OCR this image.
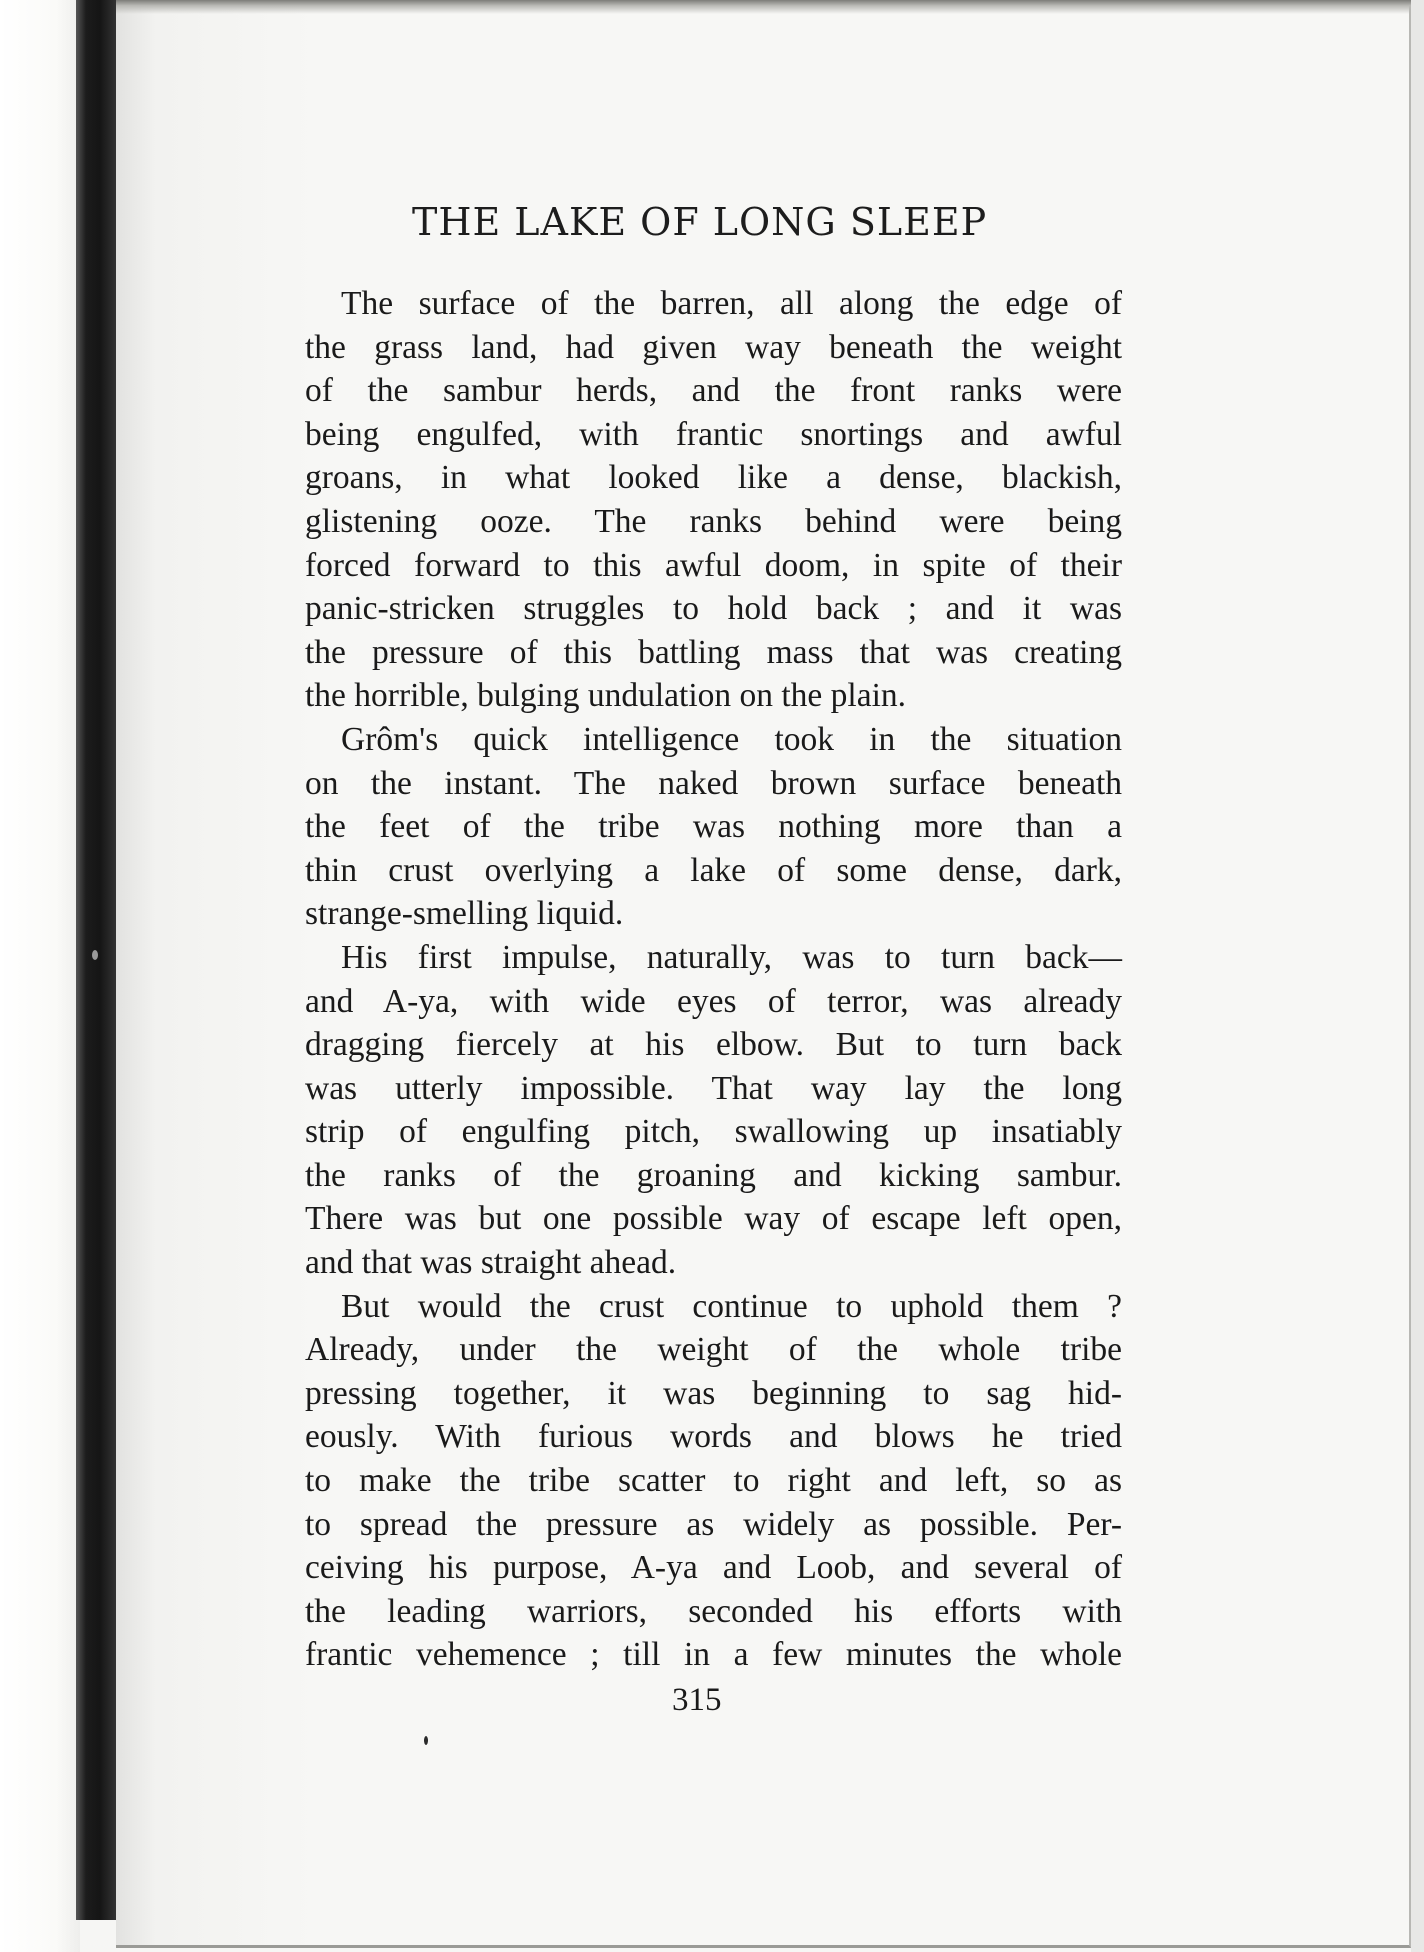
THE LAKE OF LONG SLEEP
The surface of the barren, all along the edge of
the grass land, had given way beneath the weight
of the sambur herds, and the front ranks were
being engulfed, with frantic snortings and awful
groans, in what looked like a dense, blackish,
glistening ooze. The ranks behind were being
forced forward to this awful doom, in spite of their
panic-stricken struggles to hold back ; and it was
the pressure of this battling mass that was creating
the horrible, bulging undulation on the plain.
Grôm's quick intelligence took in the situation
on the instant. The naked brown surface beneath
the feet of the tribe was nothing more than a
thin crust overlying a lake of some dense, dark,
strange-smelling liquid.
His first impulse, naturally, was to turn back—
and A-ya, with wide eyes of terror, was already
dragging fiercely at his elbow. But to turn back
was utterly impossible. That way lay the long
strip of engulfing pitch, swallowing up insatiably
the ranks of the groaning and kicking sambur.
There was but one possible way of escape left open,
and that was straight ahead.
But would the crust continue to uphold them ?
Already, under the weight of the whole tribe
pressing together, it was beginning to sag hid-
eously. With furious words and blows he tried
to make the tribe scatter to right and left, so as
to spread the pressure as widely as possible. Per-
ceiving his purpose, A-ya and Loob, and several of
the leading warriors, seconded his efforts with
frantic vehemence ; till in a few minutes the whole

315
